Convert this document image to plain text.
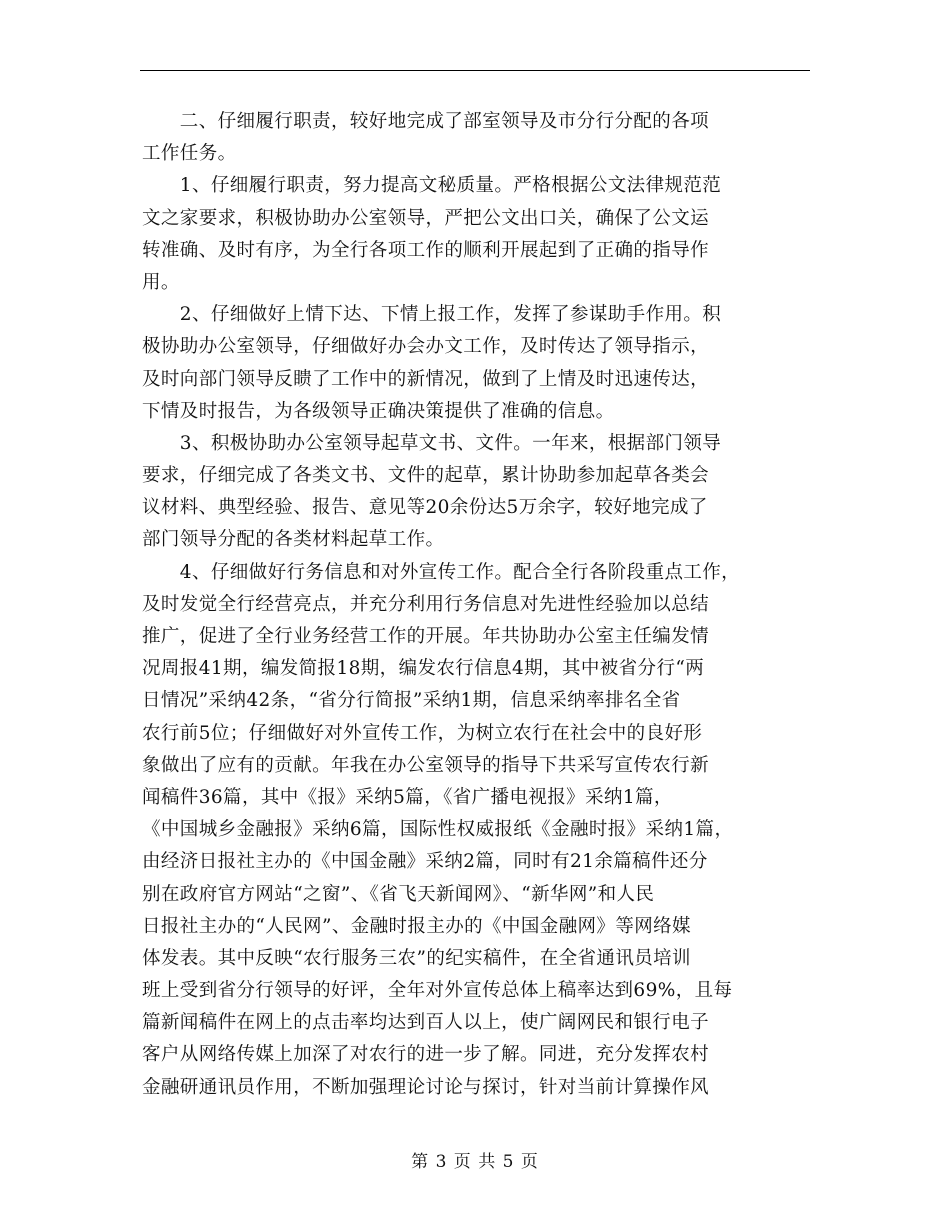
　　二、仔细履行职责，较好地完成了部室领导及市分行分配的各项
工作任务。
　　1、仔细履行职责，努力提高文秘质量。严格根据公文法律规范范
文之家要求，积极协助办公室领导，严把公文出口关，确保了公文运
转准确、及时有序，为全行各项工作的顺利开展起到了正确的指导作
用。
　　2、仔细做好上情下达、下情上报工作，发挥了参谋助手作用。积
极协助办公室领导，仔细做好办会办文工作，及时传达了领导指示，
及时向部门领导反瞆了工作中的新情况，做到了上情及时迅速传达，
下情及时报告，为各级领导正确决策提供了准确的信息。
　　3、积极协助办公室领导起草文书、文件。一年来，根据部门领导
要求，仔细完成了各类文书、文件的起草，累计协助参加起草各类会
议材料、典型经验、报告、意见等20余份达5万余字，较好地完成了
部门领导分配的各类材料起草工作。
　　4、仔细做好行务信息和对外宣传工作。配合全行各阶段重点工作，
及时发觉全行经营亮点，并充分利用行务信息对先进性经验加以总结
推广，促进了全行业务经营工作的开展。年共协助办公室主任编发情
况周报41期，编发简报18期，编发农行信息4期，其中被省分行“两
日情况”采纳42条，“省分行简报”采纳1期，信息采纳率排名全省
农行前5位；仔细做好对外宣传工作，为树立农行在社会中的良好形
象做出了应有的贡献。年我在办公室领导的指导下共采写宣传农行新
闻稿件36篇，其中《报》采纳5篇，《省广播电视报》采纳1篇，
《中国城乡金融报》采纳6篇，国际性权威报纸《金融时报》采纳1篇，
由经济日报社主办的《中国金融》采纳2篇，同时有21余篇稿件还分
别在政府官方网站“之窗”、《省飞天新闻网》、“新华网”和人民
日报社主办的“人民网”、金融时报主办的《中国金融网》等网络媒
体发表。其中反映“农行服务三农”的纪实稿件，在全省通讯员培训
班上受到省分行领导的好评，全年对外宣传总体上稿率达到69%，且每
篇新闻稿件在网上的点击率均达到百人以上，使广阔网民和银行电子
客户从网络传媒上加深了对农行的进一步了解。同进，充分发挥农村
金融研通讯员作用，不断加强理论讨论与探讨，针对当前计算操作风
第 3 页 共 5 页
